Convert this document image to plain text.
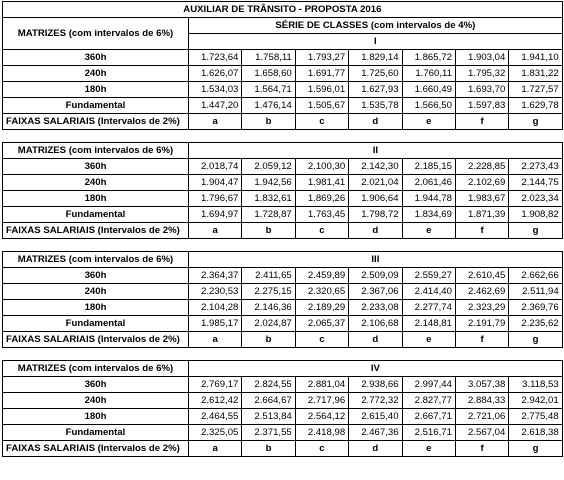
AUXILIAR DE TRÂNSITO - PROPOSTA 2016							
MATRIZES (com intervalos de 6%)	SÉRIE DE CLASSES (com intervalos de 4%)						
	I						
360h	1.723,64	1.758,11	1.793,27	1.829,14	1.865,72	1.903,04	1.941,10
240h	1.626,07	1.658,60	1.691,77	1.725,60	1.760,11	1.795,32	1.831,22
180h	1.534,03	1.564,71	1.596,01	1.627,93	1.660,49	1.693,70	1.727,57
Fundamental	1.447,20	1.476,14	1.505,67	1.535,78	1.566,50	1.597,83	1.629,78
FAIXAS SALARIAIS (Intervalos de 2%)	a	b	c	d	e	f	g

MATRIZES (com intervalos de 6%)	II						
360h	2.018,74	2.059,12	2.100,30	2.142,30	2.185,15	2.228,85	2.273,43
240h	1.904,47	1.942,56	1.981,41	2.021,04	2.061,46	2.102,69	2.144,75
180h	1.796,67	1.832,61	1.869,26	1.906,64	1.944,78	1.983,67	2.023,34
Fundamental	1.694,97	1.728,87	1.763,45	1.798,72	1.834,69	1.871,39	1.908,82
FAIXAS SALARIAIS (Intervalos de 2%)	a	b	c	d	e	f	g

MATRIZES (com intervalos de 6%)	III						
360h	2.364,37	2.411,65	2.459,89	2.509,09	2.559,27	2.610,45	2.662,66
240h	2.230,53	2.275,15	2.320,65	2.367,06	2.414,40	2.462,69	2.511,94
180h	2.104,28	2.146,36	2.189,29	2.233,08	2.277,74	2.323,29	2.369,76
Fundamental	1.985,17	2.024,87	2.065,37	2.106,68	2.148,81	2.191,79	2.235,62
FAIXAS SALARIAIS (Intervalos de 2%)	a	b	c	d	e	f	g

MATRIZES (com intervalos de 6%)	IV						
360h	2.769,17	2.824,55	2.881,04	2.938,66	2.997,44	3.057,38	3.118,53
240h	2.612,42	2.664,67	2.717,96	2.772,32	2.827,77	2.884,33	2.942,01
180h	2.464,55	2.513,84	2.564,12	2.615,40	2.667,71	2.721,06	2.775,48
Fundamental	2.325,05	2.371,55	2.418,98	2.467,36	2.516,71	2.567,04	2.618,38
FAIXAS SALARIAIS (Intervalos de 2%)	a	b	c	d	e	f	g
